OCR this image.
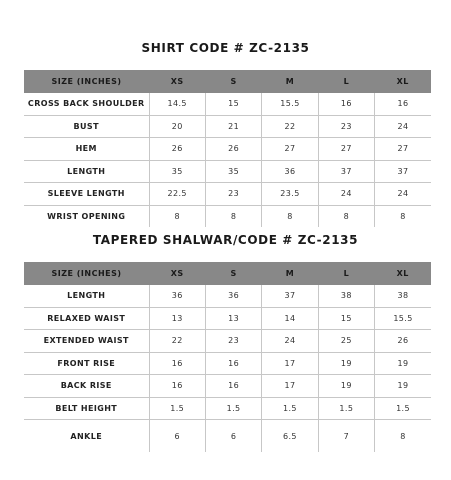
SHIRT CODE # ZC-2135
SIZE (INCHES)	XS	S	M	L	XL
CROSS BACK SHOULDER	14.5	15	15.5	16	16
BUST	20	21	22	23	24
HEM	26	26	27	27	27
LENGTH	35	35	36	37	37
SLEEVE LENGTH	22.5	23	23.5	24	24
WRIST OPENING	8	8	8	8	8
TAPERED SHALWAR/CODE # ZC-2135
SIZE (INCHES)	XS	S	M	L	XL
LENGTH	36	36	37	38	38
RELAXED WAIST	13	13	14	15	15.5
EXTENDED WAIST	22	23	24	25	26
FRONT RISE	16	16	17	19	19
BACK RISE	16	16	17	19	19
BELT HEIGHT	1.5	1.5	1.5	1.5	1.5
ANKLE	6	6	6.5	7	8
